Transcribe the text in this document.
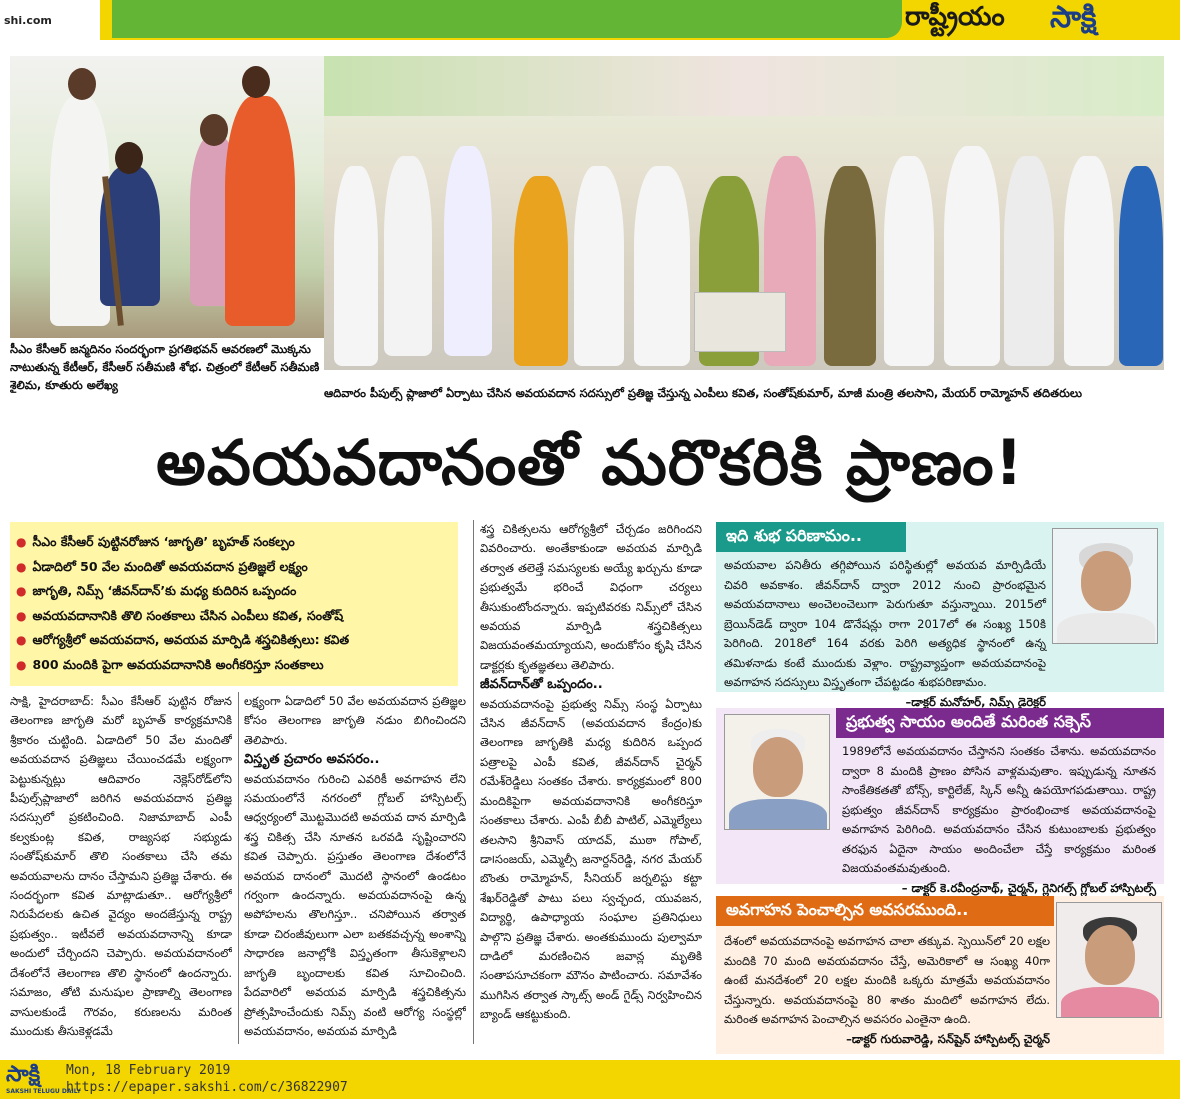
shi.com	రాష్ట్రీయం సాక్షి
సీఎం కేసీఆర్‌ జన్మదినం సందర్భంగా ప్రగతిభవన్‌ ఆవరణలో మొక్కను నాటుతున్న కేటీఆర్‌, కేసీఆర్‌ సతీమణి శోభ. చిత్రంలో కేటీఆర్‌ సతీమణి శైలిమ, కూతురు అలేఖ్య
ఆదివారం పీపుల్స్‌ ప్లాజాలో ఏర్పాటు చేసిన అవయవదాన సదస్సులో ప్రతిజ్ఞ చేస్తున్న ఎంపీలు కవిత, సంతోష్‌కుమార్‌, మాజీ మంత్రి తలసాని, మేయర్‌ రామ్మోహన్‌ తదితరులు
అవయవదానంతో మరొకరికి ప్రాణం!
● సీఎం కేసీఆర్‌ పుట్టినరోజున ‘జాగృతి’ బృహత్‌ సంకల్పం
● ఏడాదిలో 50 వేల మందితో అవయవదాన ప్రతిజ్ఞలే లక్ష్యం
● జాగృతి, నిమ్స్‌ ‘జీవన్‌దాన్‌’కు మధ్య కుదిరిన ఒప్పందం
● అవయవదానానికి తొలి సంతకాలు చేసిన ఎంపీలు కవిత, సంతోష్‌
● ఆరోగ్యశ్రీలో అవయవదాన, అవయవ మార్పిడి శస్త్రచికిత్సలు: కవిత
● 800 మందికి పైగా అవయవదానానికి అంగీకరిస్తూ సంతకాలు

సాక్షి, హైదరాబాద్‌: సీఎం కేసీఆర్‌ పుట్టిన రోజున తెలంగాణ జాగృతి మరో బృహత్‌ కార్యక్రమానికి శ్రీకారం చుట్టింది. ఏడాదిలో 50 వేల మందితో అవయవదాన ప్రతిజ్ఞలు చేయించడమే లక్ష్యంగా పెట్టుకున్నట్లు ఆదివారం నెక్లెస్‌రోడ్‌లోని పీపుల్స్‌ప్లాజాలో జరిగిన అవయవదాన ప్రతిజ్ఞ సదస్సులో ప్రకటించింది. నిజామాబాద్‌ ఎంపీ కల్వకుంట్ల కవిత, రాజ్యసభ సభ్యుడు సంతోష్‌కుమార్‌ తొలి సంతకాలు చేసి తమ అవయవాలను దానం చేస్తామని ప్రతిజ్ఞ చేశారు. ఈ సందర్భంగా కవిత మాట్లాడుతూ.. ఆరోగ్యశ్రీలో నిరుపేదలకు ఉచిత వైద్యం అందజేస్తున్న రాష్ట్ర ప్రభుత్వం.. ఇటీవలే అవయవదానాన్ని కూడా అందులో చేర్చిందని చెప్పారు. అవయవదానంలో దేశంలోనే తెలంగాణ తొలి స్థానంలో ఉందన్నారు. సమాజం, తోటి మనుషుల ప్రాణాల్ని తెలంగాణ వాసులకుండే గౌరవం, కరుణలను మరింత ముందుకు తీసుకెళ్లడమే

లక్ష్యంగా ఏడాదిలో 50 వేల అవయవదాన ప్రతిజ్ఞల కోసం తెలంగాణ జాగృతి నడుం బిగించిందని తెలిపారు.

విస్తృత ప్రచారం అవసరం..

అవయవదానం గురించి ఎవరికీ అవగాహన లేని సమయంలోనే నగరంలో గ్లోబల్‌ హాస్పిటల్స్‌ ఆధ్వర్యంలో మొట్టమొదటి అవయవ దాన మార్పిడి శస్త్ర చికిత్స చేసి నూతన ఒరవడి సృష్టించారని కవిత చెప్పారు. ప్రస్తుతం తెలంగాణ దేశంలోనే అవయవ దానంలో మొదటి స్థానంలో ఉండటం గర్వంగా ఉందన్నారు. అవయవదానంపై ఉన్న అపోహలను తొలగిస్తూ.. చనిపోయిన తర్వాత కూడా చిరంజీవులుగా ఎలా బతకవచ్చన్న అంశాన్ని సాధారణ జనాల్లోకి విస్తృతంగా తీసుకెళ్లాలని జాగృతి బృందాలకు కవిత సూచించింది. పేదవారిలో అవయవ మార్పిడి శస్త్రచికిత్సను ప్రోత్సహించేందుకు నిమ్స్‌ వంటి ఆరోగ్య సంస్థల్లో అవయవదానం, అవయవ మార్పిడి

శస్త్ర చికిత్సలను ఆరోగ్యశ్రీలో చేర్చడం జరిగిందని వివరించారు. అంతేకాకుండా అవయవ మార్పిడి తర్వాత తలెత్తే సమస్యలకు అయ్యే ఖర్చును కూడా ప్రభుత్వమే భరించే విధంగా చర్యలు తీసుకుంటోందన్నారు. ఇప్పటివరకు నిమ్స్‌లో చేసిన అవయవ మార్పిడి శస్త్రచికిత్సలు విజయవంతమయ్యాయని, అందుకోసం కృషి చేసిన డాక్టర్లకు కృతజ్ఞతలు తెలిపారు.

జీవన్‌దాన్‌తో ఒప్పందం..

అవయవదానంపై ప్రభుత్వ నిమ్స్‌ సంస్థ ఏర్పాటు చేసిన జీవన్‌దాన్‌ (అవయవదాన కేంద్రం)కు తెలంగాణ జాగృతికి మధ్య కుదిరిన ఒప్పంద పత్రాలపై ఎంపీ కవిత, జీవన్‌దాన్‌ చైర్మన్‌ రమేశ్‌రెడ్డిలు సంతకం చేశారు. కార్యక్రమంలో 800 మందికిపైగా అవయవదానానికి అంగీకరిస్తూ సంతకాలు చేశారు. ఎంపీ బీబీ పాటిల్‌, ఎమ్మెల్యేలు తలసాని శ్రీనివాస్‌ యాదవ్‌, ముఠా గోపాల్‌, డా౹సంజయ్‌, ఎమ్మెల్సీ జనార్దన్‌రెడ్డి, నగర మేయర్‌ బొంతు రామ్మోహన్‌, సీనియర్‌ జర్నలిస్టు కట్టా శేఖర్‌రెడ్డితో పాటు పలు స్వచ్ఛంద, యువజన, విద్యార్థి, ఉపాధ్యాయ సంఘాల ప్రతినిధులు పాల్గొని ప్రతిజ్ఞ చేశారు. అంతకుముందు పుల్వామా దాడిలో మరణించిన జవాన్ల మృతికి సంతాపసూచకంగా మౌనం పాటించారు. సమావేశం ముగిసిన తర్వాత స్కాట్స్‌ అండ్‌ గైడ్స్‌ నిర్వహించిన బ్యాండ్‌ ఆకట్టుకుంది.

ఇది శుభ పరిణామం..
అవయవాల పనితీరు తగ్గిపోయిన పరిస్థితుల్లో అవయవ మార్పిడియే చివరి అవకాశం. జీవన్‌దాన్‌ ద్వారా 2012 నుంచి ప్రారంభమైన అవయవదానాలు అంచెలంచెలుగా పెరుగుతూ వస్తున్నాయి. 2015లో బ్రెయిన్‌డెడ్‌ ద్వారా 104 డొనేషన్లు రాగా 2017లో ఈ సంఖ్య 150కి పెరిగింది. 2018లో 164 వరకు పెరిగి అత్యధిక స్థానంలో ఉన్న తమిళనాడు కంటే ముందుకు వెళ్లాం. రాష్ట్రవ్యాప్తంగా అవయవదానంపై అవగాహన సదస్సులు విస్తృతంగా చేపట్టడం శుభపరిణామం.
–డాక్టర్‌ మనోహర్‌, నిమ్స్‌ డైరెక్టర్‌
ప్రభుత్వ సాయం అందితే మరింత సక్సెస్‌
1989లోనే అవయవదానం చేస్తానని సంతకం చేశాను. అవయవదానం ద్వారా 8 మందికి ప్రాణం పోసిన వాళ్లమవుతాం. ఇప్పుడున్న నూతన సాంకేతికతతో బోన్స్‌, కార్టిలేజ్‌, స్కిన్‌ అన్నీ ఉపయోగపడుతాయి. రాష్ట్ర ప్రభుత్వం జీవన్‌దాన్‌ కార్యక్రమం ప్రారంభించాక అవయవదానంపై అవగాహన పెరిగింది. అవయవదానం చేసిన కుటుంబాలకు ప్రభుత్వం తరఫున ఏదైనా సాయం అందించేలా చేస్తే కార్యక్రమం మరింత విజయవంతమవుతుంది.
– డాక్టర్‌ కె.రవీంద్రనాథ్‌, చైర్మన్‌, గ్లెనిగల్స్‌ గ్లోబల్‌ హాస్పిటల్స్‌
అవగాహన పెంచాల్సిన అవసరముంది..
దేశంలో అవయవదానంపై అవగాహన చాలా తక్కువ. స్పెయిన్‌లో 20 లక్షల మందికి 70 మంది అవయవదానం చేస్తే, అమెరికాలో ఆ సంఖ్య 40గా ఉంటే మనదేశంలో 20 లక్షల మందికి ఒక్కరు మాత్రమే అవయవదానం చేస్తున్నారు. అవయవదానంపై 80 శాతం మందిలో అవగాహన లేదు. మరింత అవగాహన పెంచాల్సిన అవసరం ఎంతైనా ఉంది.
–డాక్టర్‌ గురువారెడ్డి, సన్‌షైన్‌ హాస్పిటల్స్‌ చైర్మన్‌
సాక్షి
SAKSHI TELUGU DAILY
Mon, 18 February 2019
https://epaper.sakshi.com/c/36822907
